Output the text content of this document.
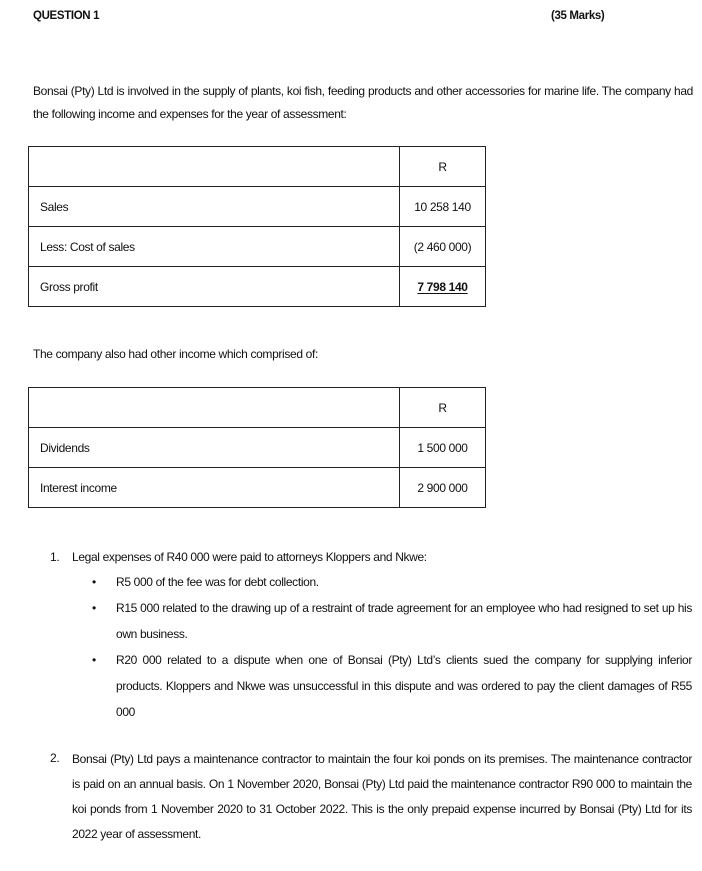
QUESTION 1	(35 Marks)
Bonsai (Pty) Ltd is involved in the supply of plants, koi fish, feeding products and other accessories for marine life. The company had the following income and expenses for the year of assessment:
	R
Sales	10 258 140
Less: Cost of sales	(2 460 000)
Gross profit	7 798 140
The company also had other income which comprised of:
	R
Dividends	1 500 000
Interest income	2 900 000
1. Legal expenses of R40 000 were paid to attorneys Kloppers and Nkwe:
• R5 000 of the fee was for debt collection.
• R15 000 related to the drawing up of a restraint of trade agreement for an employee who had resigned to set up his own business.
• R20 000 related to a dispute when one of Bonsai (Pty) Ltd’s clients sued the company for supplying inferior products. Kloppers and Nkwe was unsuccessful in this dispute and was ordered to pay the client damages of R55 000
2. Bonsai (Pty) Ltd pays a maintenance contractor to maintain the four koi ponds on its premises. The maintenance contractor is paid on an annual basis. On 1 November 2020, Bonsai (Pty) Ltd paid the maintenance contractor R90 000 to maintain the koi ponds from 1 November 2020 to 31 October 2022. This is the only prepaid expense incurred by Bonsai (Pty) Ltd for its 2022 year of assessment.
